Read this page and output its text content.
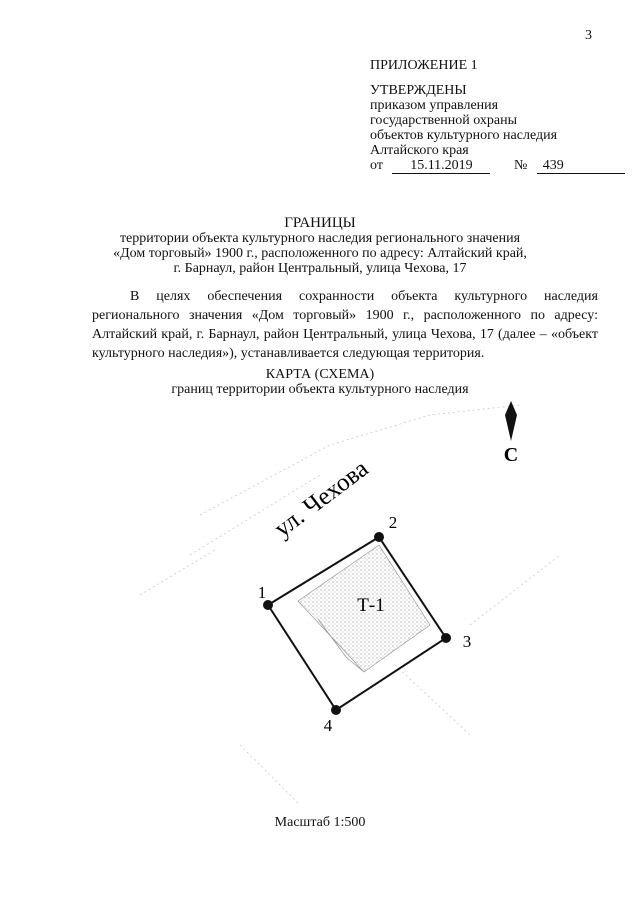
3
ПРИЛОЖЕНИЕ 1
УТВЕРЖДЕНЫ
приказом управления
государственной охраны
объектов культурного наследия
Алтайского края
от 15.11.2019	№ 439
ГРАНИЦЫ
территории объекта культурного наследия регионального значения
«Дом торговый» 1900 г., расположенного по адресу: Алтайский край,
г. Барнаул, район Центральный, улица Чехова, 17
В целях обеспечения сохранности объекта культурного наследия регионального значения «Дом торговый» 1900 г., расположенного по адресу: Алтайский край, г. Барнаул, район Центральный, улица Чехова, 17 (далее – «объект культурного наследия»), устанавливается следующая территория.
КАРТА (СХЕМА)
границ территории объекта культурного наследия
С
ул. Чехова
1
2
3
4
Т-1
Масштаб 1:500
